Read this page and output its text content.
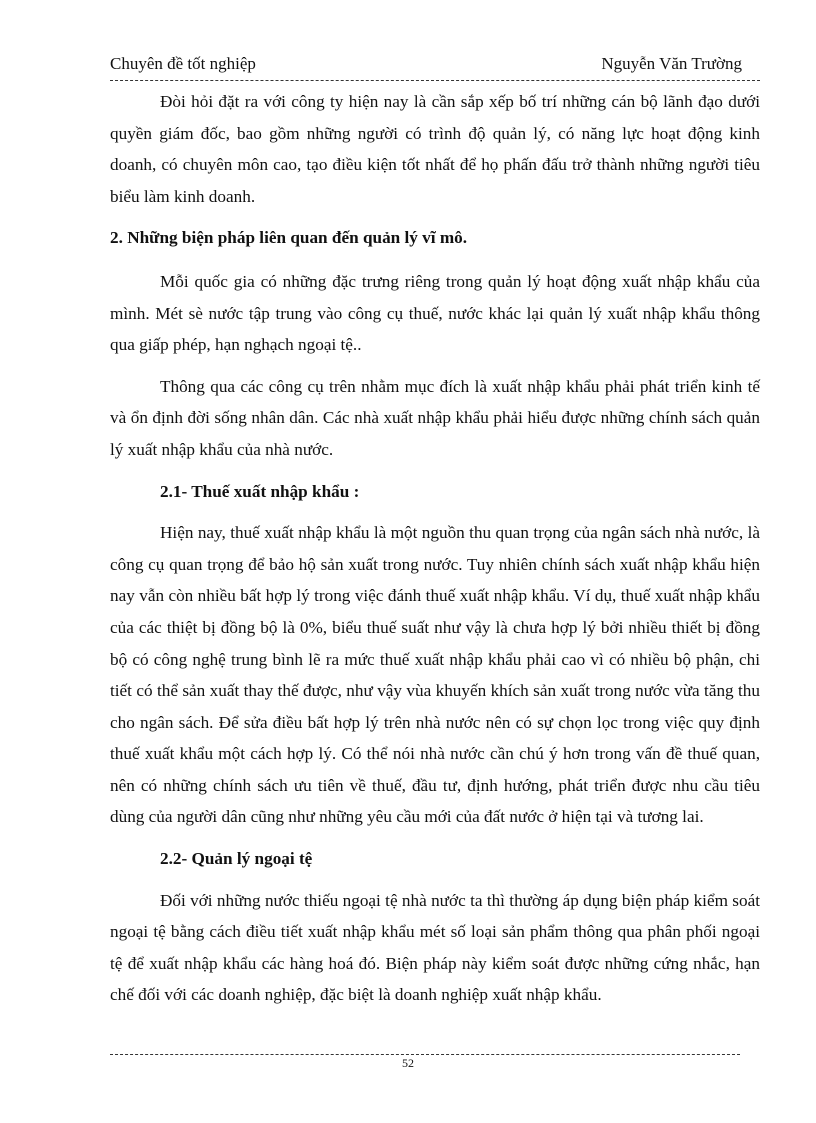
Chuyên đề tốt nghiệp	Nguyễn Văn Trường

Đòi hỏi đặt ra với công ty hiện nay là cần sắp xếp bố trí những cán bộ lãnh đạo dưới quyền giám đốc, bao gồm những người có trình độ quản lý, có năng lực hoạt động kinh doanh, có chuyên môn cao, tạo điều kiện tốt nhất để họ phấn đấu trở thành những người tiêu biểu làm kinh doanh.

2. Những biện pháp liên quan đến quản lý vĩ mô.

Mỗi quốc gia có những đặc trưng riêng trong quản lý hoạt động xuất nhập khẩu của mình. Mét sè nước tập trung vào công cụ thuế, nước khác lại quản lý xuất nhập khẩu thông qua giấp phép, hạn nghạch ngoại tệ..

Thông qua các công cụ trên nhằm mục đích là xuất nhập khẩu phải phát triển kinh tế và ổn định đời sống nhân dân. Các nhà xuất nhập khẩu phải hiểu được những chính sách quản lý xuất nhập khẩu của nhà nước.

2.1- Thuế xuất nhập khẩu :

Hiện nay, thuế xuất nhập khẩu là một nguồn thu quan trọng của ngân sách nhà nước, là công cụ quan trọng để bảo hộ sản xuất trong nước. Tuy nhiên chính sách xuất nhập khẩu hiện nay vẫn còn nhiều bất hợp lý trong việc đánh thuế xuất nhập khẩu. Ví dụ, thuế xuất nhập khẩu của các thiệt bị đồng bộ là 0%, biểu thuế suất như vậy là chưa hợp lý bởi nhiều thiết bị đồng bộ có công nghệ trung bình lẽ ra mức thuế xuất nhập khẩu phải cao vì có nhiều bộ phận, chi tiết có thể sản xuất thay thế được, như vậy vùa khuyến khích sản xuất trong nước vừa tăng thu cho ngân sách. Để sửa điều bất hợp lý trên nhà nước nên có sự chọn lọc trong việc quy định thuế xuất khẩu một cách hợp lý. Có thể nói nhà nước cần chú ý hơn trong vấn đề thuế quan, nên có những chính sách ưu tiên về thuế, đầu tư, định hướng, phát triển được nhu cầu tiêu dùng của người dân cũng như những yêu cầu mới của đất nước ở hiện tại và tương lai.

2.2- Quản lý ngoại tệ

Đối với những nước thiếu ngoại tệ nhà nước ta thì thường áp dụng biện pháp kiểm soát ngoại tệ bằng cách điều tiết xuất nhập khẩu mét số loại sản phẩm thông qua phân phối ngoại tệ để xuất nhập khẩu các hàng hoá đó. Biện pháp này kiểm soát được những cứng nhắc, hạn chế đối với các doanh nghiệp, đặc biệt là doanh nghiệp xuất nhập khẩu.

52
